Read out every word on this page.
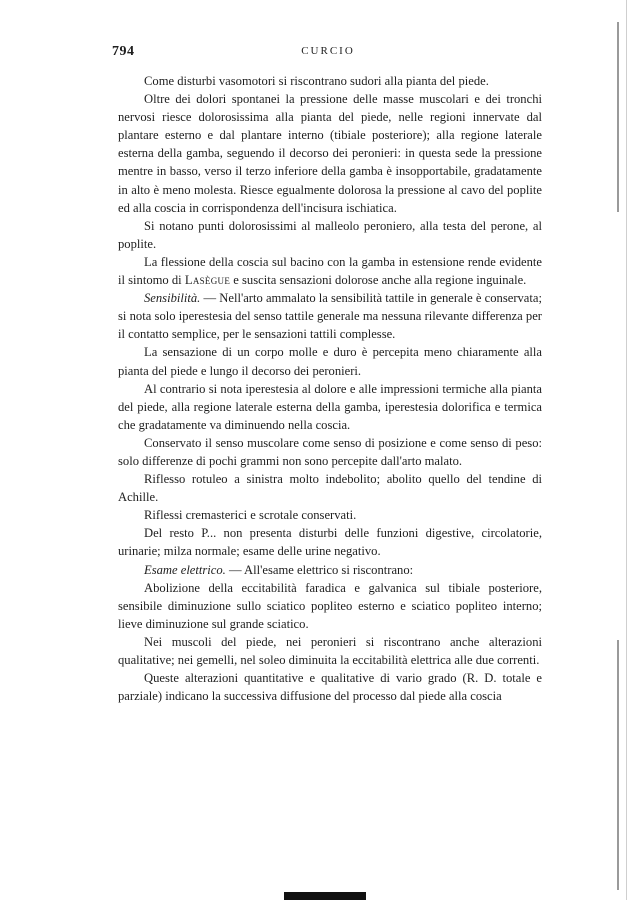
794	CURCIO

Come disturbi vasomotori si riscontrano sudori alla pianta del piede.

Oltre dei dolori spontanei la pressione delle masse muscolari e dei tronchi nervosi riesce dolorosissima alla pianta del piede, nelle regioni innervate dal plantare esterno e dal plantare interno (tibiale posteriore); alla regione laterale esterna della gamba, seguendo il decorso dei peronieri: in questa sede la pressione mentre in basso, verso il terzo inferiore della gamba è insopportabile, gradatamente in alto è meno molesta. Riesce egualmente dolorosa la pressione al cavo del poplite ed alla coscia in corrispondenza dell'incisura ischiatica.

Si notano punti dolorosissimi al malleolo peroniero, alla testa del perone, al poplite.

La flessione della coscia sul bacino con la gamba in estensione rende evidente il sintomo di Lasègue e suscita sensazioni dolorose anche alla regione inguinale.

Sensibilità. — Nell'arto ammalato la sensibilità tattile in generale è conservata; si nota solo iperestesia del senso tattile generale ma nessuna rilevante differenza per il contatto semplice, per le sensazioni tattili complesse.

La sensazione di un corpo molle e duro è percepita meno chiaramente alla pianta del piede e lungo il decorso dei peronieri.

Al contrario si nota iperestesia al dolore e alle impressioni termiche alla pianta del piede, alla regione laterale esterna della gamba, iperestesia dolorifica e termica che gradatamente va diminuendo nella coscia.

Conservato il senso muscolare come senso di posizione e come senso di peso: solo differenze di pochi grammi non sono percepite dall'arto malato.

Riflesso rotuleo a sinistra molto indebolito; abolito quello del tendine di Achille.

Riflessi cremasterici e scrotale conservati.

Del resto P... non presenta disturbi delle funzioni digestive, circolatorie, urinarie; milza normale; esame delle urine negativo.

Esame elettrico. — All'esame elettrico si riscontrano:

Abolizione della eccitabilità faradica e galvanica sul tibiale posteriore, sensibile diminuzione sullo sciatico popliteo esterno e sciatico popliteo interno; lieve diminuzione sul grande sciatico.

Nei muscoli del piede, nei peronieri si riscontrano anche alterazioni qualitative; nei gemelli, nel soleo diminuita la eccitabilità elettrica alle due correnti.

Queste alterazioni quantitative e qualitative di vario grado (R. D. totale e parziale) indicano la successiva diffusione del processo dal piede alla coscia
